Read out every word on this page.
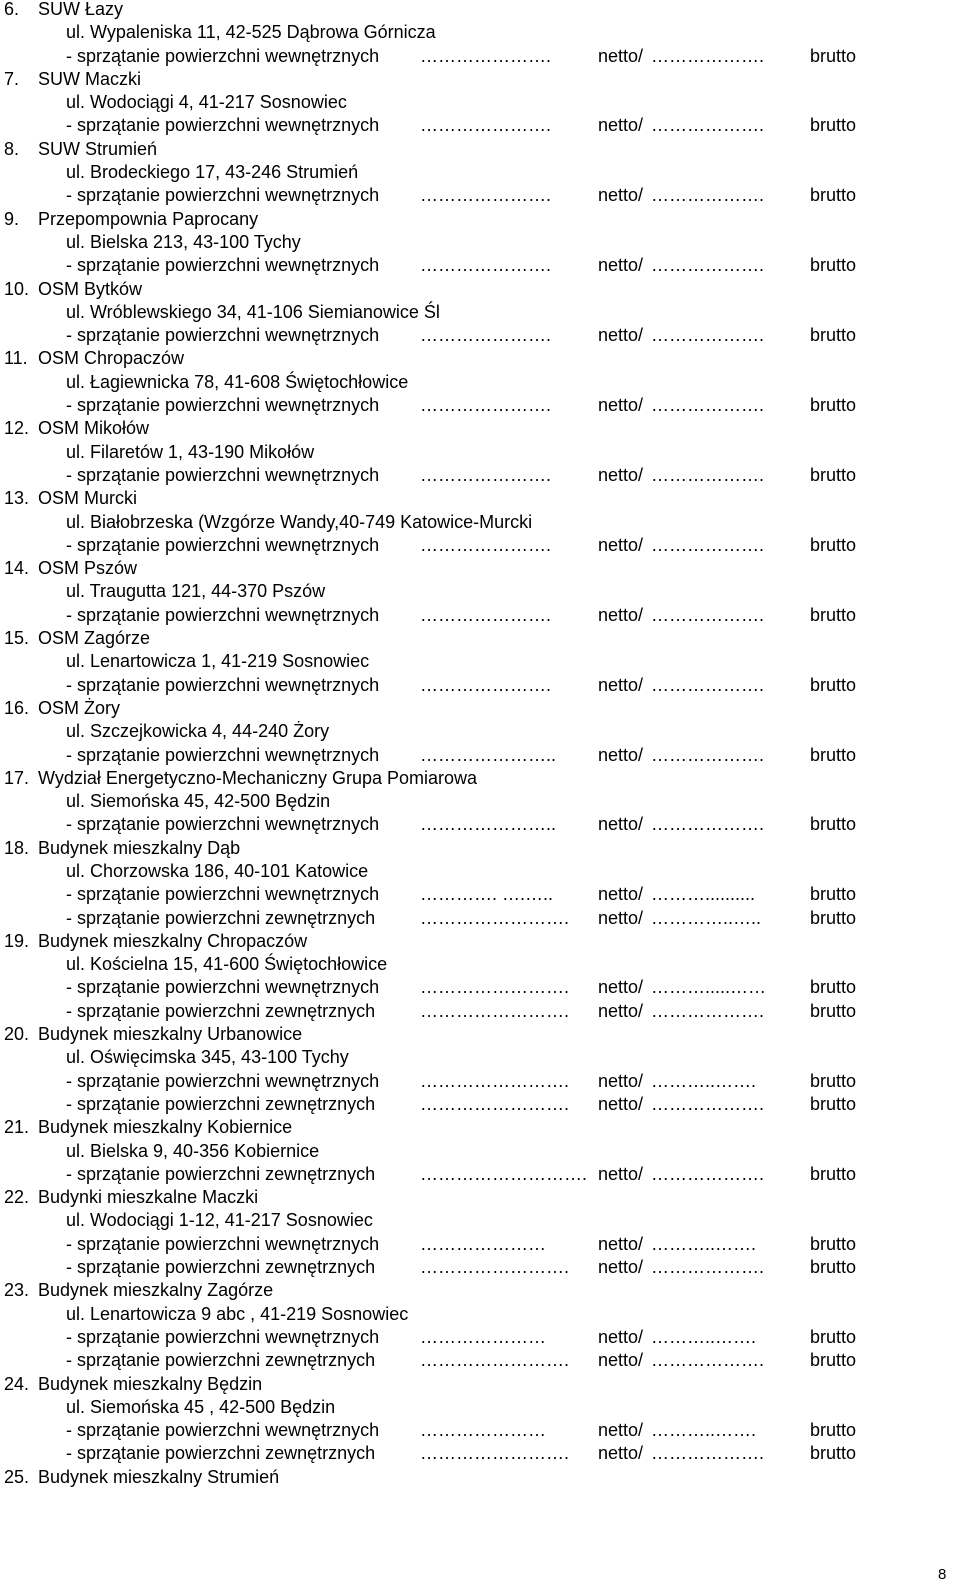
6. SUW Łazy
ul. Wypaleniska 11, 42-525 Dąbrowa Górnicza
- sprzątanie powierzchni wewnętrznych ………………….	netto/ ……………….	brutto
7. SUW Maczki
ul. Wodociągi 4, 41-217 Sosnowiec
- sprzątanie powierzchni wewnętrznych ………………….	netto/ ……………….	brutto
8. SUW Strumień
ul. Brodeckiego 17, 43-246 Strumień
- sprzątanie powierzchni wewnętrznych ………………….	netto/ ……………….	brutto
9. Przepompownia Paprocany
ul. Bielska 213, 43-100 Tychy
- sprzątanie powierzchni wewnętrznych ………………….	netto/ ……………….	brutto
10. OSM Bytków
ul. Wróblewskiego 34, 41-106 Siemianowice Śl
- sprzątanie powierzchni wewnętrznych ………………….	netto/ ……………….	brutto
11. OSM Chropaczów
ul. Łagiewnicka 78, 41-608 Świętochłowice
- sprzątanie powierzchni wewnętrznych ………………….	netto/ ……………….	brutto
12. OSM Mikołów
ul. Filaretów 1, 43-190 Mikołów
- sprzątanie powierzchni wewnętrznych ………………….	netto/ ……………….	brutto
13. OSM Murcki
ul. Białobrzeska (Wzgórze Wandy,40-749 Katowice-Murcki
- sprzątanie powierzchni wewnętrznych ………………….	netto/ ……………….	brutto
14. OSM Pszów
ul. Traugutta 121, 44-370 Pszów
- sprzątanie powierzchni wewnętrznych ………………….	netto/ ……………….	brutto
15. OSM Zagórze
ul. Lenartowicza 1, 41-219 Sosnowiec
- sprzątanie powierzchni wewnętrznych ………………….	netto/ ……………….	brutto
16. OSM Żory
ul. Szczejkowicka 4, 44-240 Żory
- sprzątanie powierzchni wewnętrznych ………………….. netto/ ……………….	brutto
17. Wydział Energetyczno-Mechaniczny Grupa Pomiarowa
ul. Siemońska 45, 42-500 Będzin
- sprzątanie powierzchni wewnętrznych ………………….. netto/ ……………….	brutto
18. Budynek mieszkalny Dąb
ul. Chorzowska 186, 40-101 Katowice
- sprzątanie powierzchni wewnętrznych …………. ….….. netto/ ………..........	brutto
- sprzątanie powierzchni zewnętrznych ……………………. netto/ …………..…..	brutto
19. Budynek mieszkalny Chropaczów
ul. Kościelna 15, 41-600 Świętochłowice
- sprzątanie powierzchni wewnętrznych ……………………. netto/ ……….....…… brutto
- sprzątanie powierzchni zewnętrznych ……………………. netto/ ……………….	brutto
20. Budynek mieszkalny Urbanowice
ul. Oświęcimska 345, 43-100 Tychy
- sprzątanie powierzchni wewnętrznych ……………………. netto/ ………..…….	brutto
- sprzątanie powierzchni zewnętrznych ……………………. netto/ ……………….	brutto
21. Budynek mieszkalny Kobiernice
ul. Bielska 9, 40-356 Kobiernice
- sprzątanie powierzchni zewnętrznych ………………………. netto/ ……………….	brutto
22. Budynki mieszkalne Maczki
ul. Wodociągi 1-12, 41-217 Sosnowiec
- sprzątanie powierzchni wewnętrznych …………………	netto/ ………..…….	brutto
- sprzątanie powierzchni zewnętrznych ……………………. netto/ ……………….	brutto
23. Budynek mieszkalny Zagórze
ul. Lenartowicza 9 abc , 41-219 Sosnowiec
- sprzątanie powierzchni wewnętrznych …………………	netto/ ………..…….	brutto
- sprzątanie powierzchni zewnętrznych ……………………. netto/ ……………….	brutto
24. Budynek mieszkalny Będzin
ul. Siemońska 45 , 42-500 Będzin
- sprzątanie powierzchni wewnętrznych …………………	netto/ ………..…….	brutto
- sprzątanie powierzchni zewnętrznych ……………………. netto/ ……………….	brutto
25. Budynek mieszkalny Strumień
8
